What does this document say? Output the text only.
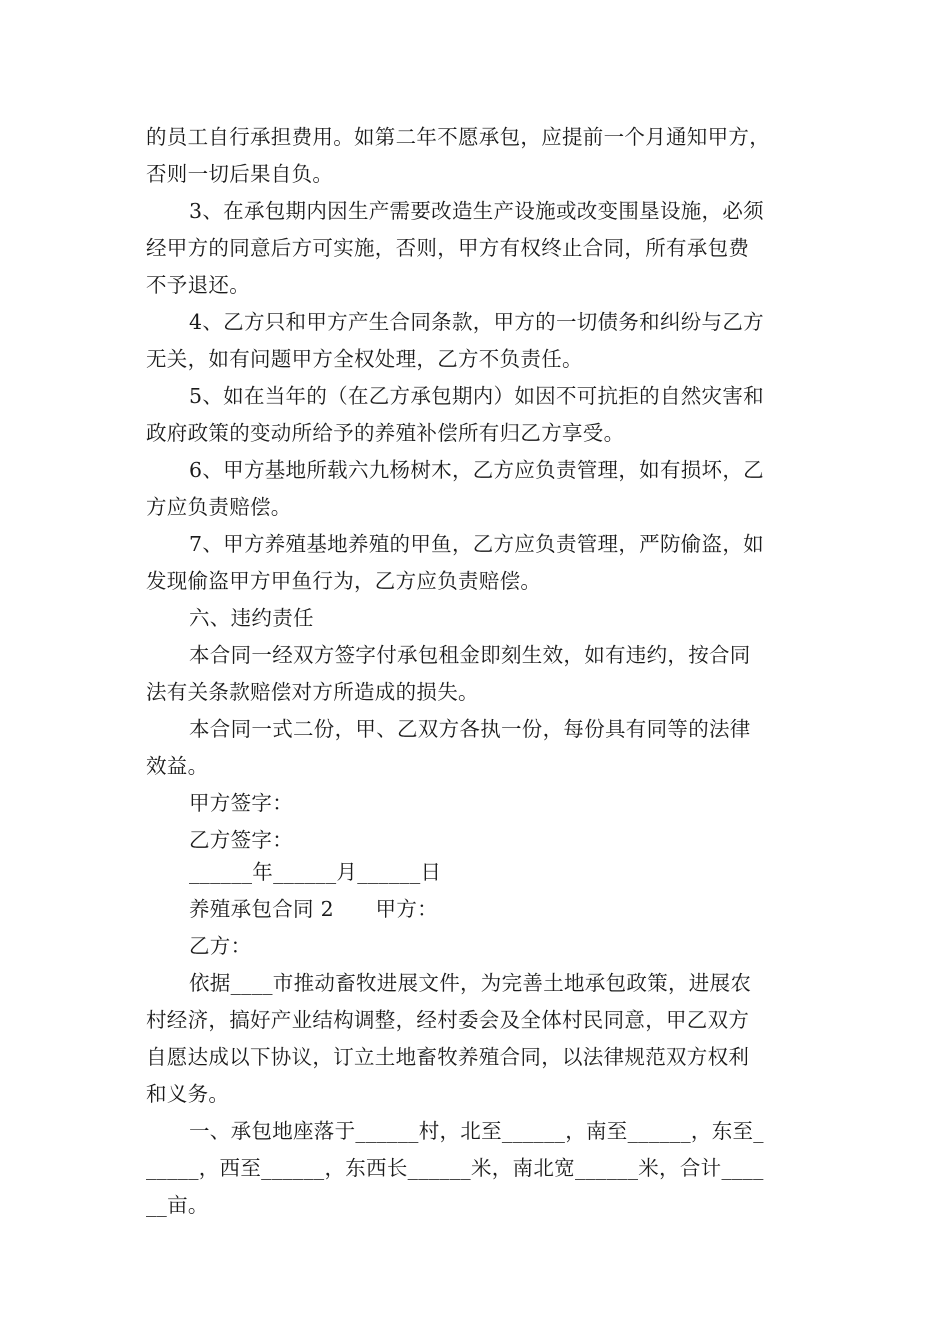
的员工自行承担费用。如第二年不愿承包，应提前一个月通知甲方，
否则一切后果自负。
3、在承包期内因生产需要改造生产设施或改变围垦设施，必须
经甲方的同意后方可实施，否则，甲方有权终止合同，所有承包费
不予退还。
4、乙方只和甲方产生合同条款，甲方的一切债务和纠纷与乙方
无关，如有问题甲方全权处理，乙方不负责任。
5、如在当年的（在乙方承包期内）如因不可抗拒的自然灾害和
政府政策的变动所给予的养殖补偿所有归乙方享受。
6、甲方基地所载六九杨树木，乙方应负责管理，如有损坏，乙
方应负责赔偿。
7、甲方养殖基地养殖的甲鱼，乙方应负责管理，严防偷盗，如
发现偷盗甲方甲鱼行为，乙方应负责赔偿。
六、违约责任
本合同一经双方签字付承包租金即刻生效，如有违约，按合同
法有关条款赔偿对方所造成的损失。
本合同一式二份，甲、乙双方各执一份，每份具有同等的法律
效益。
甲方签字：
乙方签字：
______年______月______日
养殖承包合同 2　　甲方：
乙方：
依据____市推动畜牧进展文件，为完善土地承包政策，进展农
村经济，搞好产业结构调整，经村委会及全体村民同意，甲乙双方
自愿达成以下协议，订立土地畜牧养殖合同，以法律规范双方权利
和义务。
一、承包地座落于______村，北至______，南至______，东至_
_____，西至______，东西长______米，南北宽______米，合计____
__亩。
